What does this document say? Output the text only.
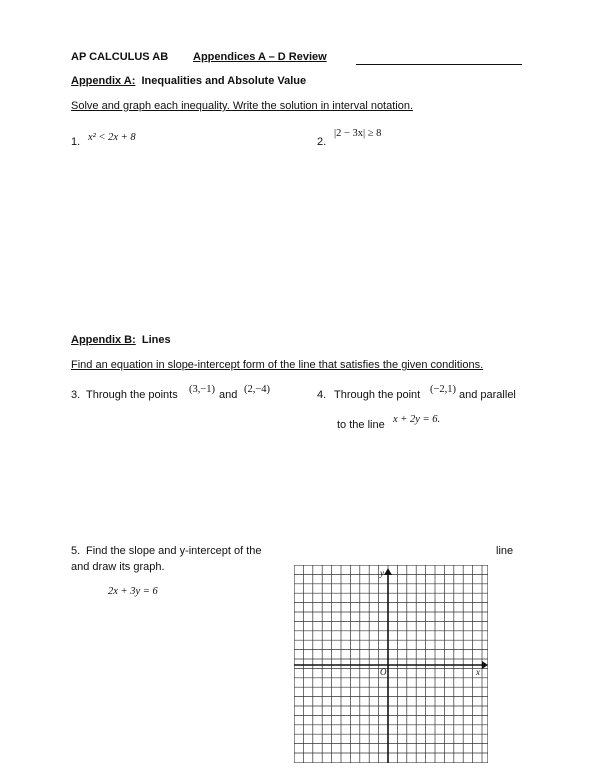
AP CALCULUS AB Appendices A – D Review
Appendix A: Inequalities and Absolute Value
Solve and graph each inequality. Write the solution in interval notation.
1. x² < 2x + 8	2.
|2 − 3x| ≥ 8
Appendix B: Lines
Find an equation in slope-intercept form of the line that satisfies the given conditions.
3. Through the points (3,−1) and (2,−4)	4. Through the point (−2,1) and parallel
to the line x + 2y = 6.
5. Find the slope and y-intercept of the	line
and draw its graph.
2x + 3y = 6
y
x
O
